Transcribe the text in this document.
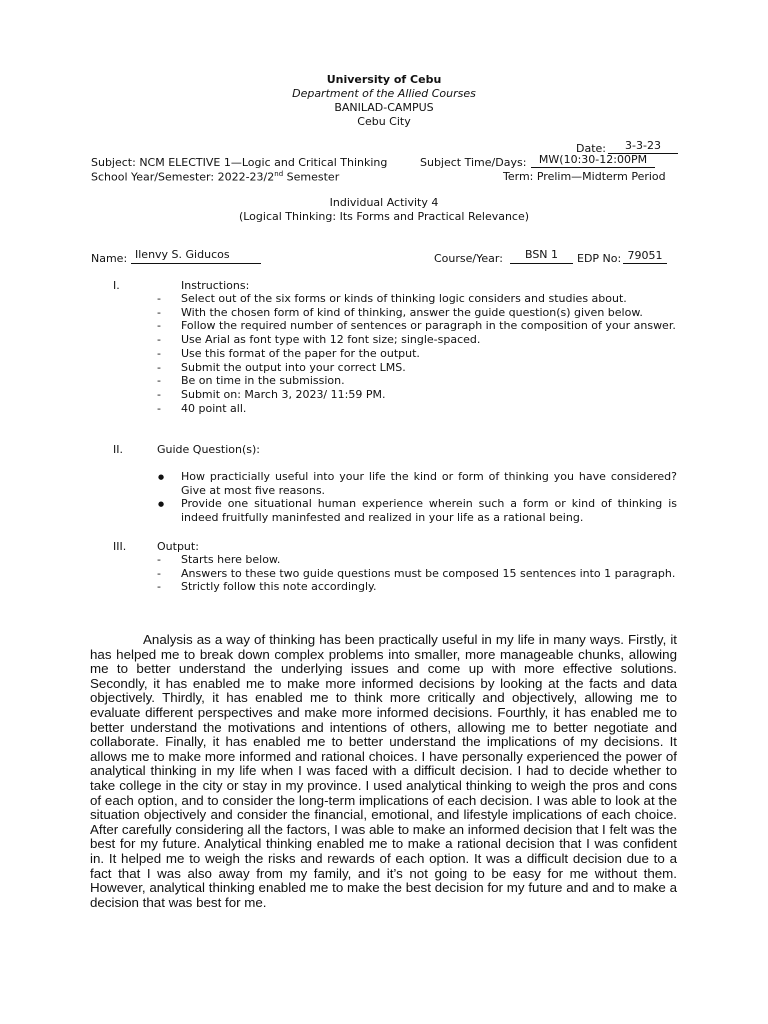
University of Cebu
Department of the Allied Courses
BANILAD-CAMPUS
Cebu City
Date:	3-3-23
Subject: NCM ELECTIVE 1—Logic and Critical Thinking	Subject Time/Days:	MW(10:30-12:00PM
School Year/Semester: 2022-23/2nd Semester	Term: Prelim—Midterm Period
Individual Activity 4
(Logical Thinking: Its Forms and Practical Relevance)
Name: Ilenvy S. Giducos	Course/Year:	BSN 1	EDP No: 79051
I.	Instructions:
- Select out of the six forms or kinds of thinking logic considers and studies about.
- With the chosen form of kind of thinking, answer the guide question(s) given below.
- Follow the required number of sentences or paragraph in the composition of your answer.
- Use Arial as font type with 12 font size; single-spaced.
- Use this format of the paper for the output.
- Submit the output into your correct LMS.
- Be on time in the submission.
- Submit on: March 3, 2023/ 11:59 PM.
- 40 point all.
II.	Guide Question(s):
● How practicially useful into your life the kind or form of thinking you have considered? Give at most five reasons.
● Provide one situational human experience wherein such a form or kind of thinking is indeed fruitfully maninfested and realized in your life as a rational being.
III.	Output:
- Starts here below.
- Answers to these two guide questions must be composed 15 sentences into 1 paragraph.
- Strictly follow this note accordingly.

Analysis as a way of thinking has been practically useful in my life in many ways. Firstly, it has helped me to break down complex problems into smaller, more manageable chunks, allowing me to better understand the underlying issues and come up with more effective solutions. Secondly, it has enabled me to make more informed decisions by looking at the facts and data objectively. Thirdly, it has enabled me to think more critically and objectively, allowing me to evaluate different perspectives and make more informed decisions. Fourthly, it has enabled me to better understand the motivations and intentions of others, allowing me to better negotiate and collaborate. Finally, it has enabled me to better understand the implications of my decisions. It allows me to make more informed and rational choices. I have personally experienced the power of analytical thinking in my life when I was faced with a difficult decision. I had to decide whether to take college in the city or stay in my province. I used analytical thinking to weigh the pros and cons of each option, and to consider the long-term implications of each decision. I was able to look at the situation objectively and consider the financial, emotional, and lifestyle implications of each choice. After carefully considering all the factors, I was able to make an informed decision that I felt was the best for my future. Analytical thinking enabled me to make a rational decision that I was confident in. It helped me to weigh the risks and rewards of each option. It was a difficult decision due to a fact that I was also away from my family, and it’s not going to be easy for me without them. However, analytical thinking enabled me to make the best decision for my future and and to make a decision that was best for me.
